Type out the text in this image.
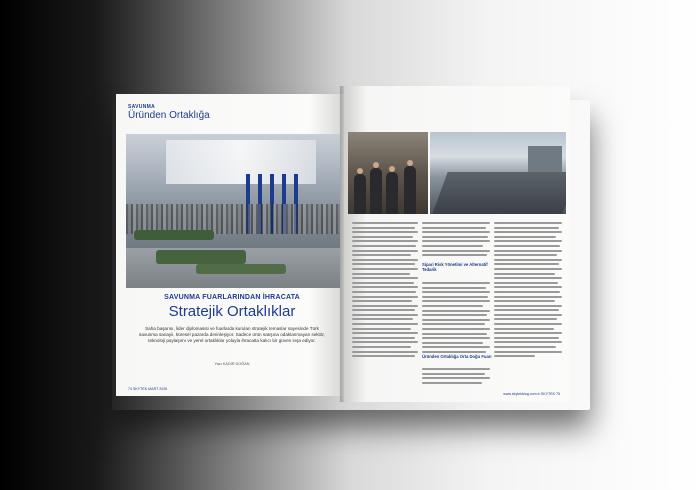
SAVUNMA
Üründen Ortaklığa
SAVUNMA FUARLARINDAN İHRACATA
Stratejik Ortaklıklar
Saha başarısı, lider diplomasisi ve fuarlarda kurulan stratejik temaslar sayesinde Türk savunma sanayii, küresel pazarda derinleşiyor. Sadece ürün satışına odaklanmayan sektör, teknoloji paylaşımı ve yerel ortaklıklar yoluyla ihracatta kalıcı bir güven inşa ediyor.
Yazı KADİR DOĞAN
74 SKYTEK MART 2026
Sipari Risk Yönetimi ve Alternatif Tedarik
Üründen Ortaklığa Orta Doğu Fuarı
www.skytekblog.com.tr SKYTEK 75
